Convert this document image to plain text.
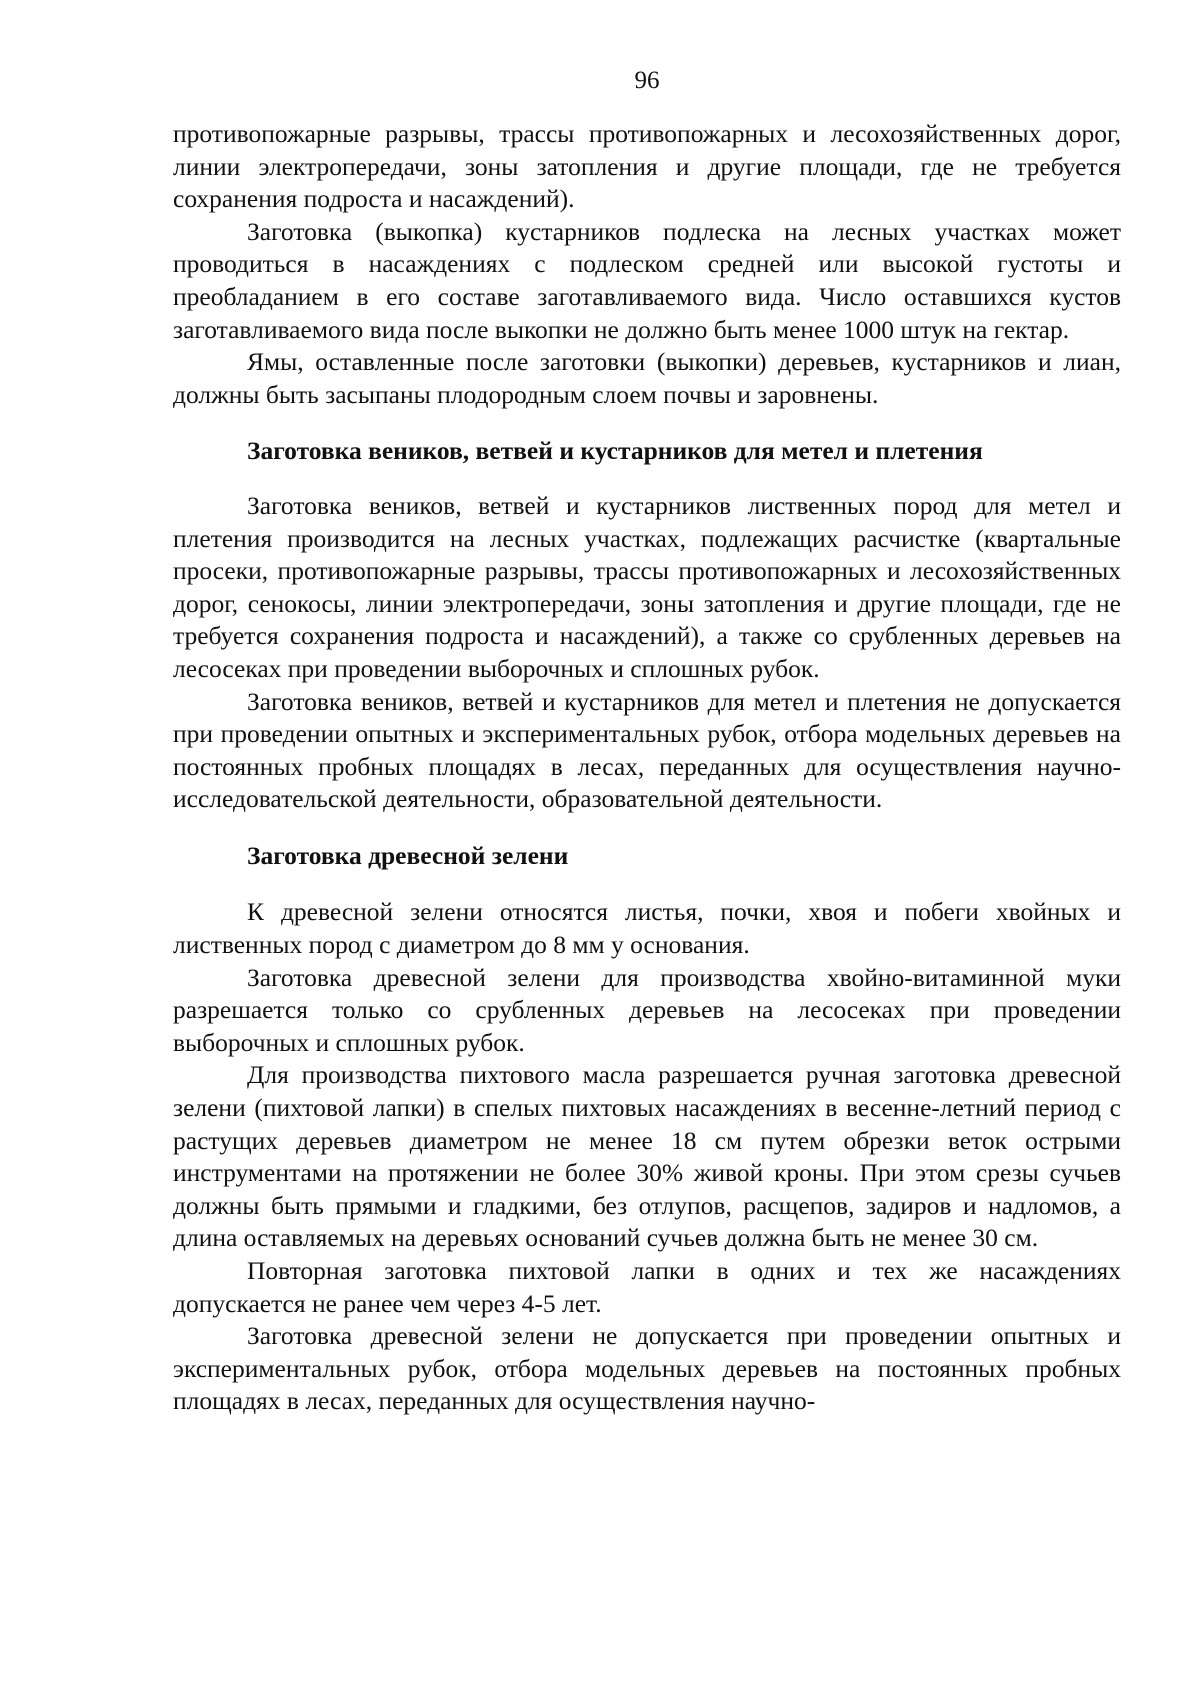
96

противопожарные разрывы, трассы противопожарных и лесохозяйственных дорог, линии электропередачи, зоны затопления и другие площади, где не требуется сохранения подроста и насаждений).

Заготовка (выкопка) кустарников подлеска на лесных участках может проводиться в насаждениях с подлеском средней или высокой густоты и преобладанием в его составе заготавливаемого вида. Число оставшихся кустов заготавливаемого вида после выкопки не должно быть менее 1000 штук на гектар.

Ямы, оставленные после заготовки (выкопки) деревьев, кустарников и лиан, должны быть засыпаны плодородным слоем почвы и заровнены.

Заготовка веников, ветвей и кустарников для метел и плетения

Заготовка веников, ветвей и кустарников лиственных пород для метел и плетения производится на лесных участках, подлежащих расчистке (квартальные просеки, противопожарные разрывы, трассы противопожарных и лесохозяйственных дорог, сенокосы, линии электропередачи, зоны затопления и другие площади, где не требуется сохранения подроста и насаждений), а также со срубленных деревьев на лесосеках при проведении выборочных и сплошных рубок.

Заготовка веников, ветвей и кустарников для метел и плетения не допускается при проведении опытных и экспериментальных рубок, отбора модельных деревьев на постоянных пробных площадях в лесах, переданных для осуществления научно-исследовательской деятельности, образовательной деятельности.

Заготовка древесной зелени

К древесной зелени относятся листья, почки, хвоя и побеги хвойных и лиственных пород с диаметром до 8 мм у основания.

Заготовка древесной зелени для производства хвойно-витаминной муки разрешается только со срубленных деревьев на лесосеках при проведении выборочных и сплошных рубок.

Для производства пихтового масла разрешается ручная заготовка древесной зелени (пихтовой лапки) в спелых пихтовых насаждениях в весенне-летний период с растущих деревьев диаметром не менее 18 см путем обрезки веток острыми инструментами на протяжении не более 30% живой кроны. При этом срезы сучьев должны быть прямыми и гладкими, без отлупов, расщепов, задиров и надломов, а длина оставляемых на деревьях оснований сучьев должна быть не менее 30 см.

Повторная заготовка пихтовой лапки в одних и тех же насаждениях допускается не ранее чем через 4-5 лет.

Заготовка древесной зелени не допускается при проведении опытных и экспериментальных рубок, отбора модельных деревьев на постоянных пробных площадях в лесах, переданных для осуществления научно-
